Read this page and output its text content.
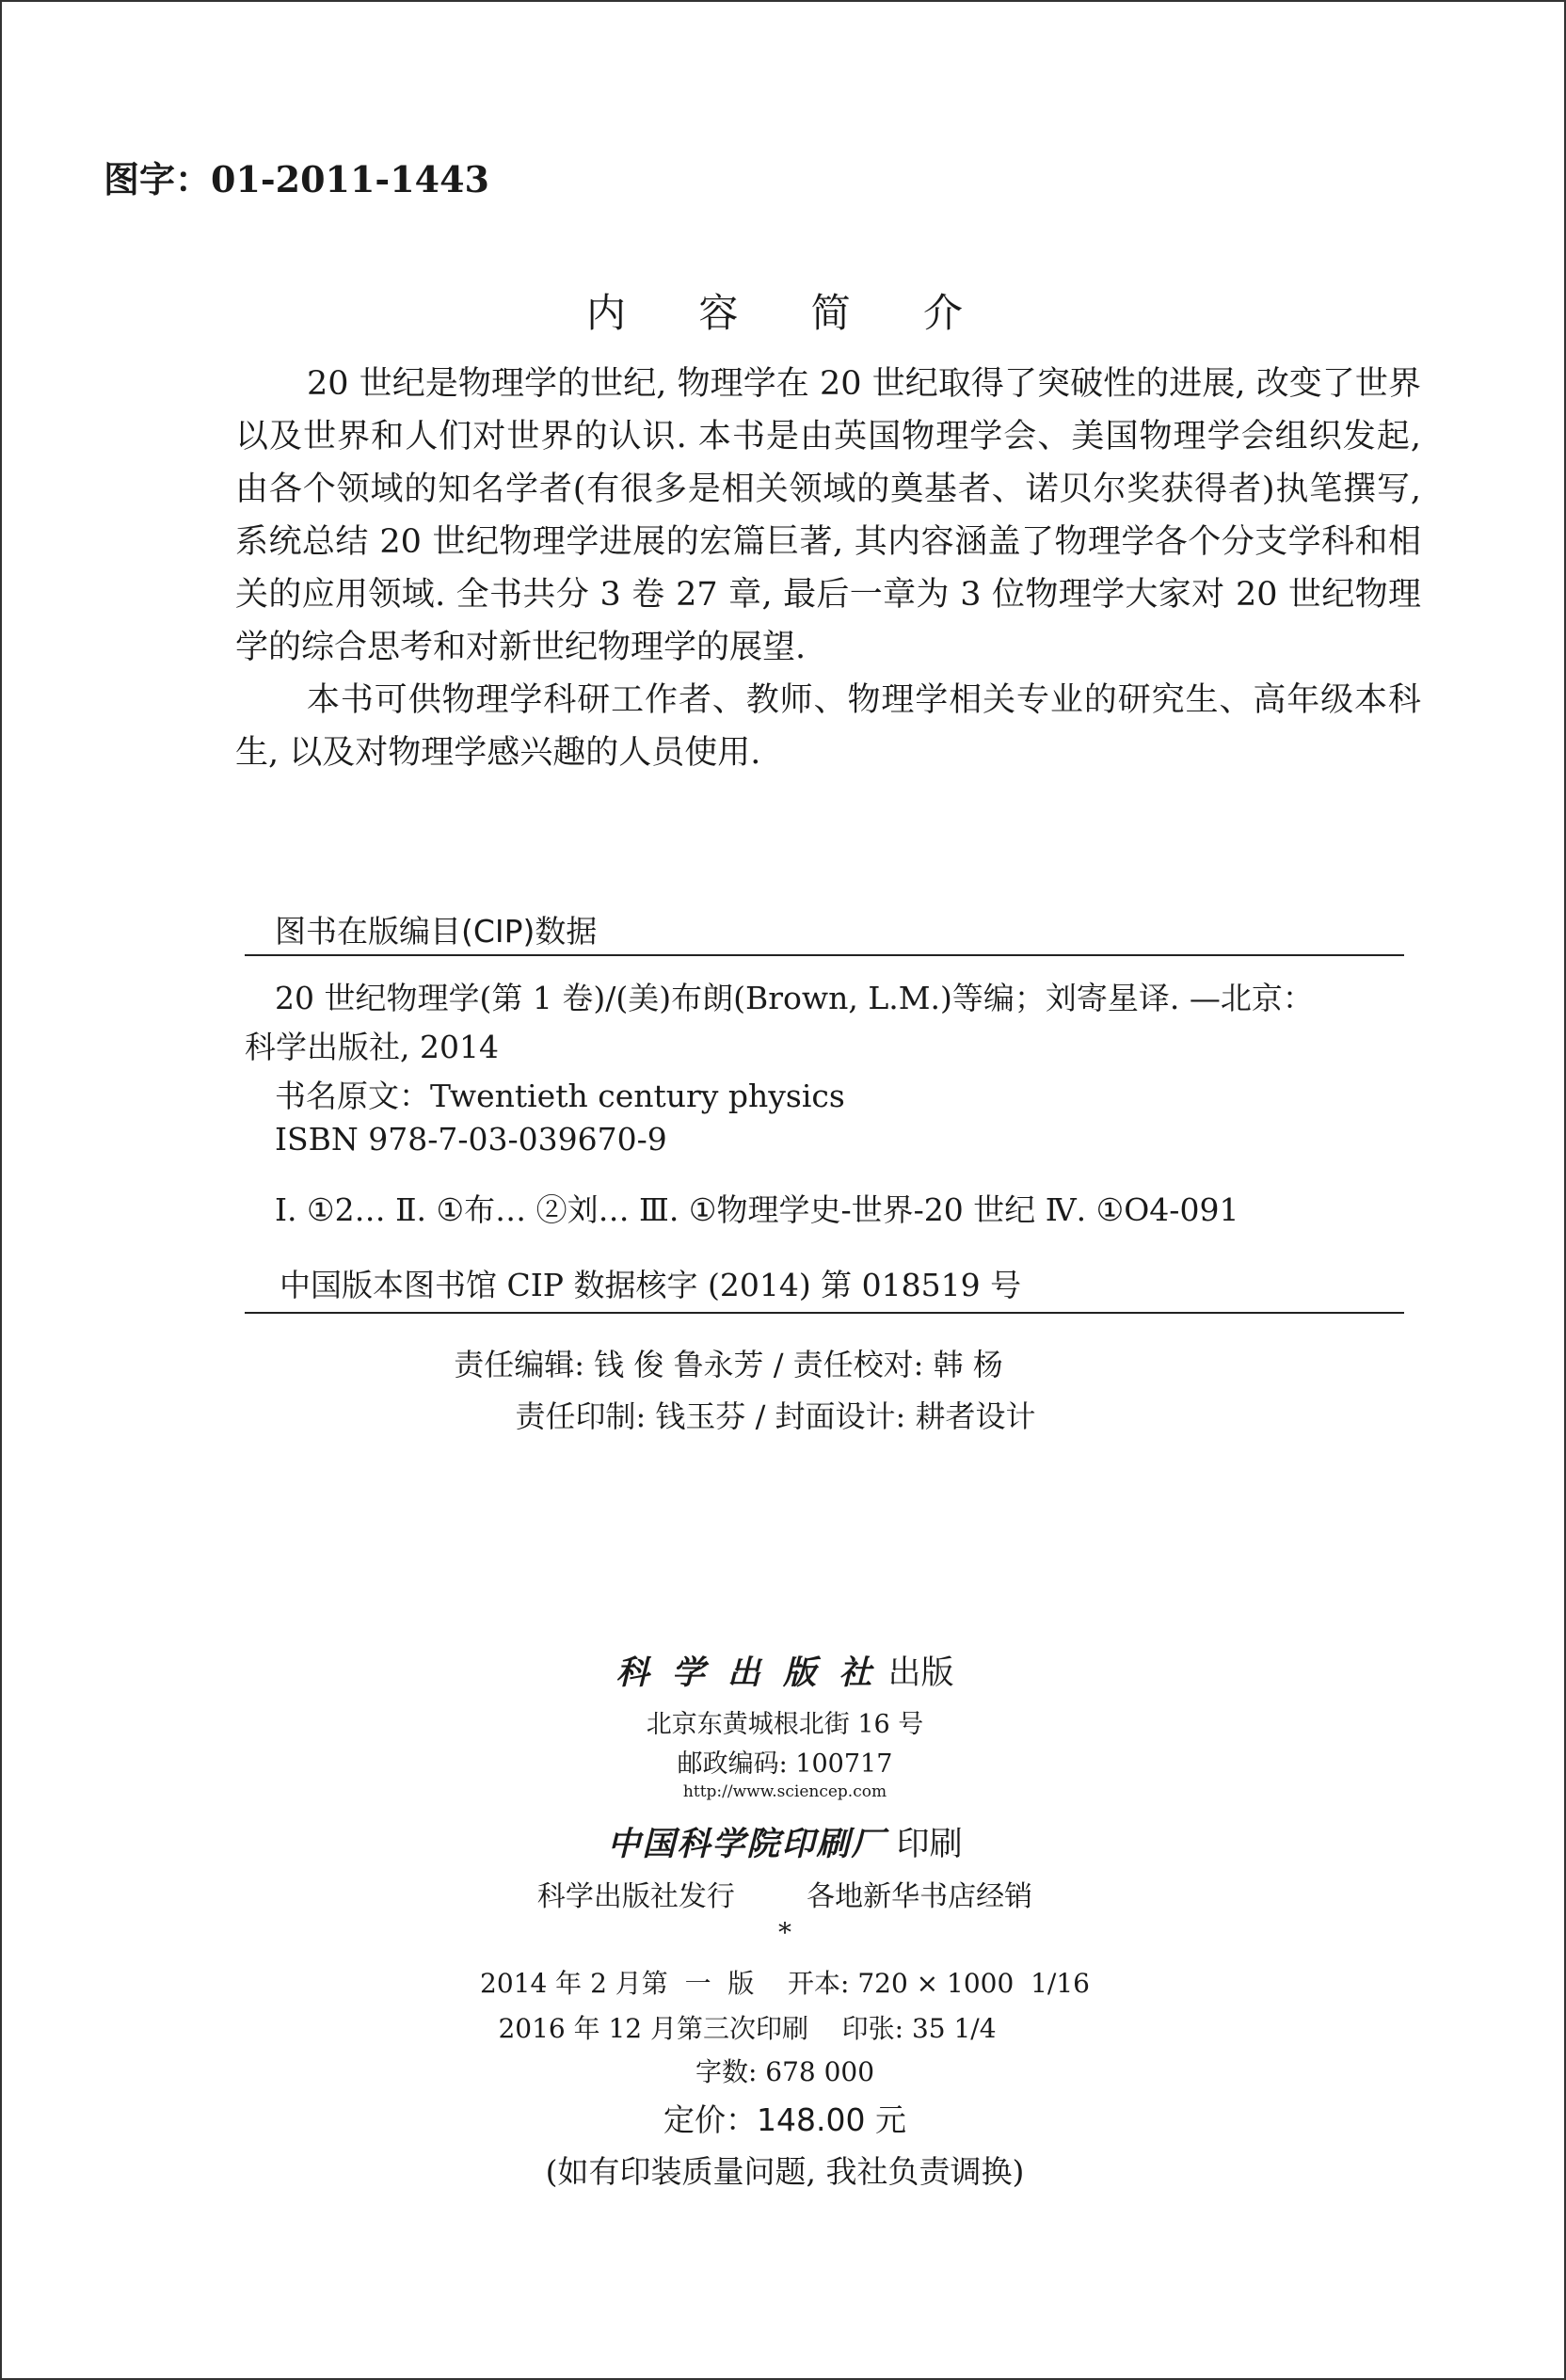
图字：01-2011-1443
内 容 简 介

20 世纪是物理学的世纪, 物理学在 20 世纪取得了突破性的进展, 改变了世界以及世界和人们对世界的认识. 本书是由英国物理学会、美国物理学会组织发起, 由各个领域的知名学者(有很多是相关领域的奠基者、诺贝尔奖获得者)执笔撰写, 系统总结 20 世纪物理学进展的宏篇巨著, 其内容涵盖了物理学各个分支学科和相关的应用领域. 全书共分 3 卷 27 章, 最后一章为 3 位物理学大家对 20 世纪物理学的综合思考和对新世纪物理学的展望.

本书可供物理学科研工作者、教师、物理学相关专业的研究生、高年级本科生, 以及对物理学感兴趣的人员使用.

图书在版编目(CIP)数据
20 世纪物理学(第 1 卷)/(美)布朗(Brown, L.M.)等编；刘寄星译. —北京：
科学出版社, 2014
书名原文：Twentieth century physics
ISBN 978-7-03-039670-9
Ⅰ. ①2… Ⅱ. ①布… ②刘… Ⅲ. ①物理学史-世界-20 世纪 Ⅳ. ①O4-091
中国版本图书馆 CIP 数据核字 (2014) 第 018519 号
责任编辑: 钱 俊 鲁永芳 / 责任校对: 韩 杨
责任印制: 钱玉芬 / 封面设计: 耕者设计
科 学 出 版 社 出版
北京东黄城根北街 16 号
邮政编码: 100717
http://www.sciencep.com
中国科学院印刷厂 印刷
科学出版社发行        各地新华书店经销
*
2014 年 2 月第  一  版    开本: 720 × 1000  1/16
2016 年 12 月第三次印刷    印张: 35 1/4
字数: 678 000
定价：148.00 元
(如有印装质量问题, 我社负责调换)
